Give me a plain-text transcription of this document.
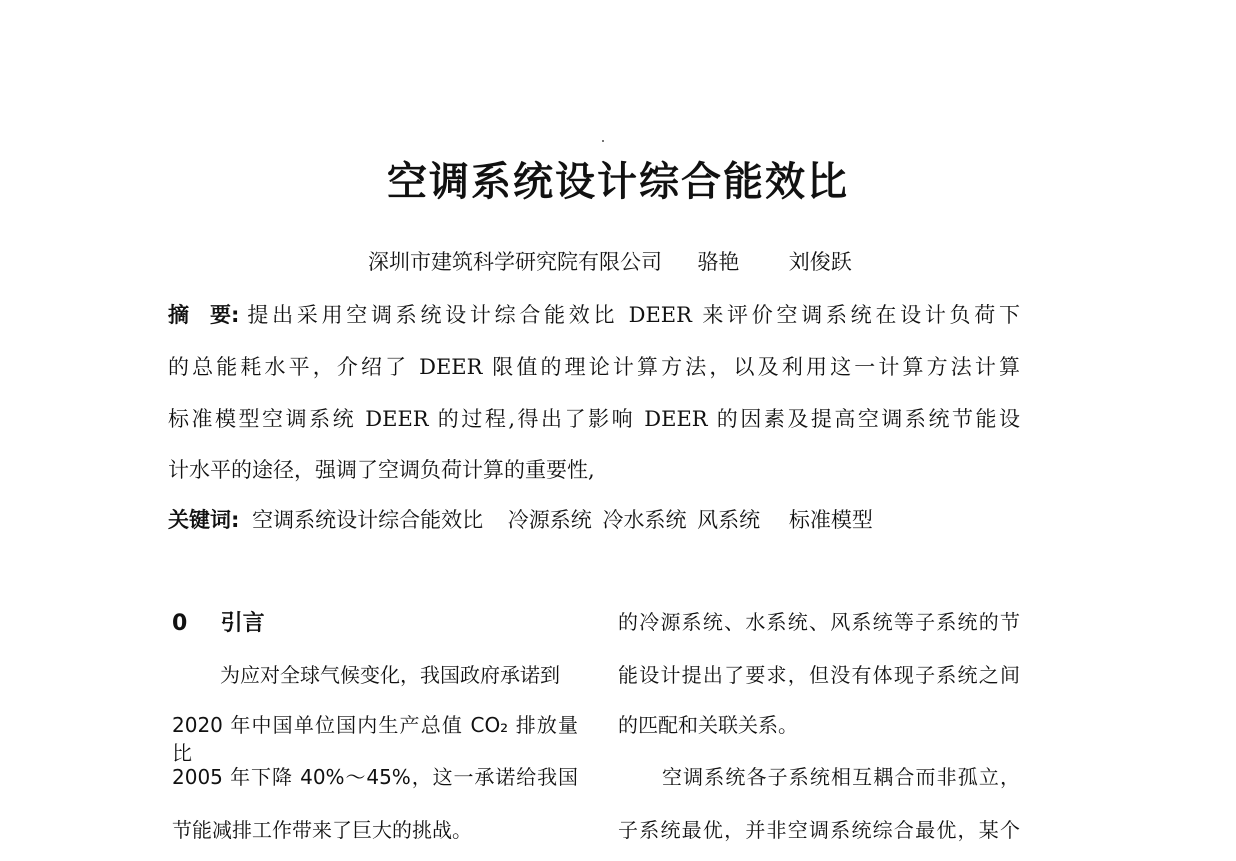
空调系统设计综合能效比
深圳市建筑科学研究院有限公司 骆艳 刘俊跃
摘　要: 提出采用空调系统设计综合能效比 DEER 来评价空调系统在设计负荷下
的总能耗水平，介绍了 DEER 限值的理论计算方法，以及利用这一计算方法计算
标准模型空调系统 DEER 的过程,得出了影响 DEER 的因素及提高空调系统节能设
计水平的途径，强调了空调负荷计算的重要性,
关键词: 空调系统设计综合能效比 冷源系统 冷水系统 风系统 标准模型
0 引言
为应对全球气候变化，我国政府承诺到
2020 年中国单位国内生产总值 CO₂ 排放量比
2005 年下降 40%～45%，这一承诺给我国
节能减排工作带来了巨大的挑战。
的冷源系统、水系统、风系统等子系统的节
能设计提出了要求，但没有体现子系统之间
的匹配和关联关系。
空调系统各子系统相互耦合而非孤立，
子系统最优，并非空调系统综合最优，某个
